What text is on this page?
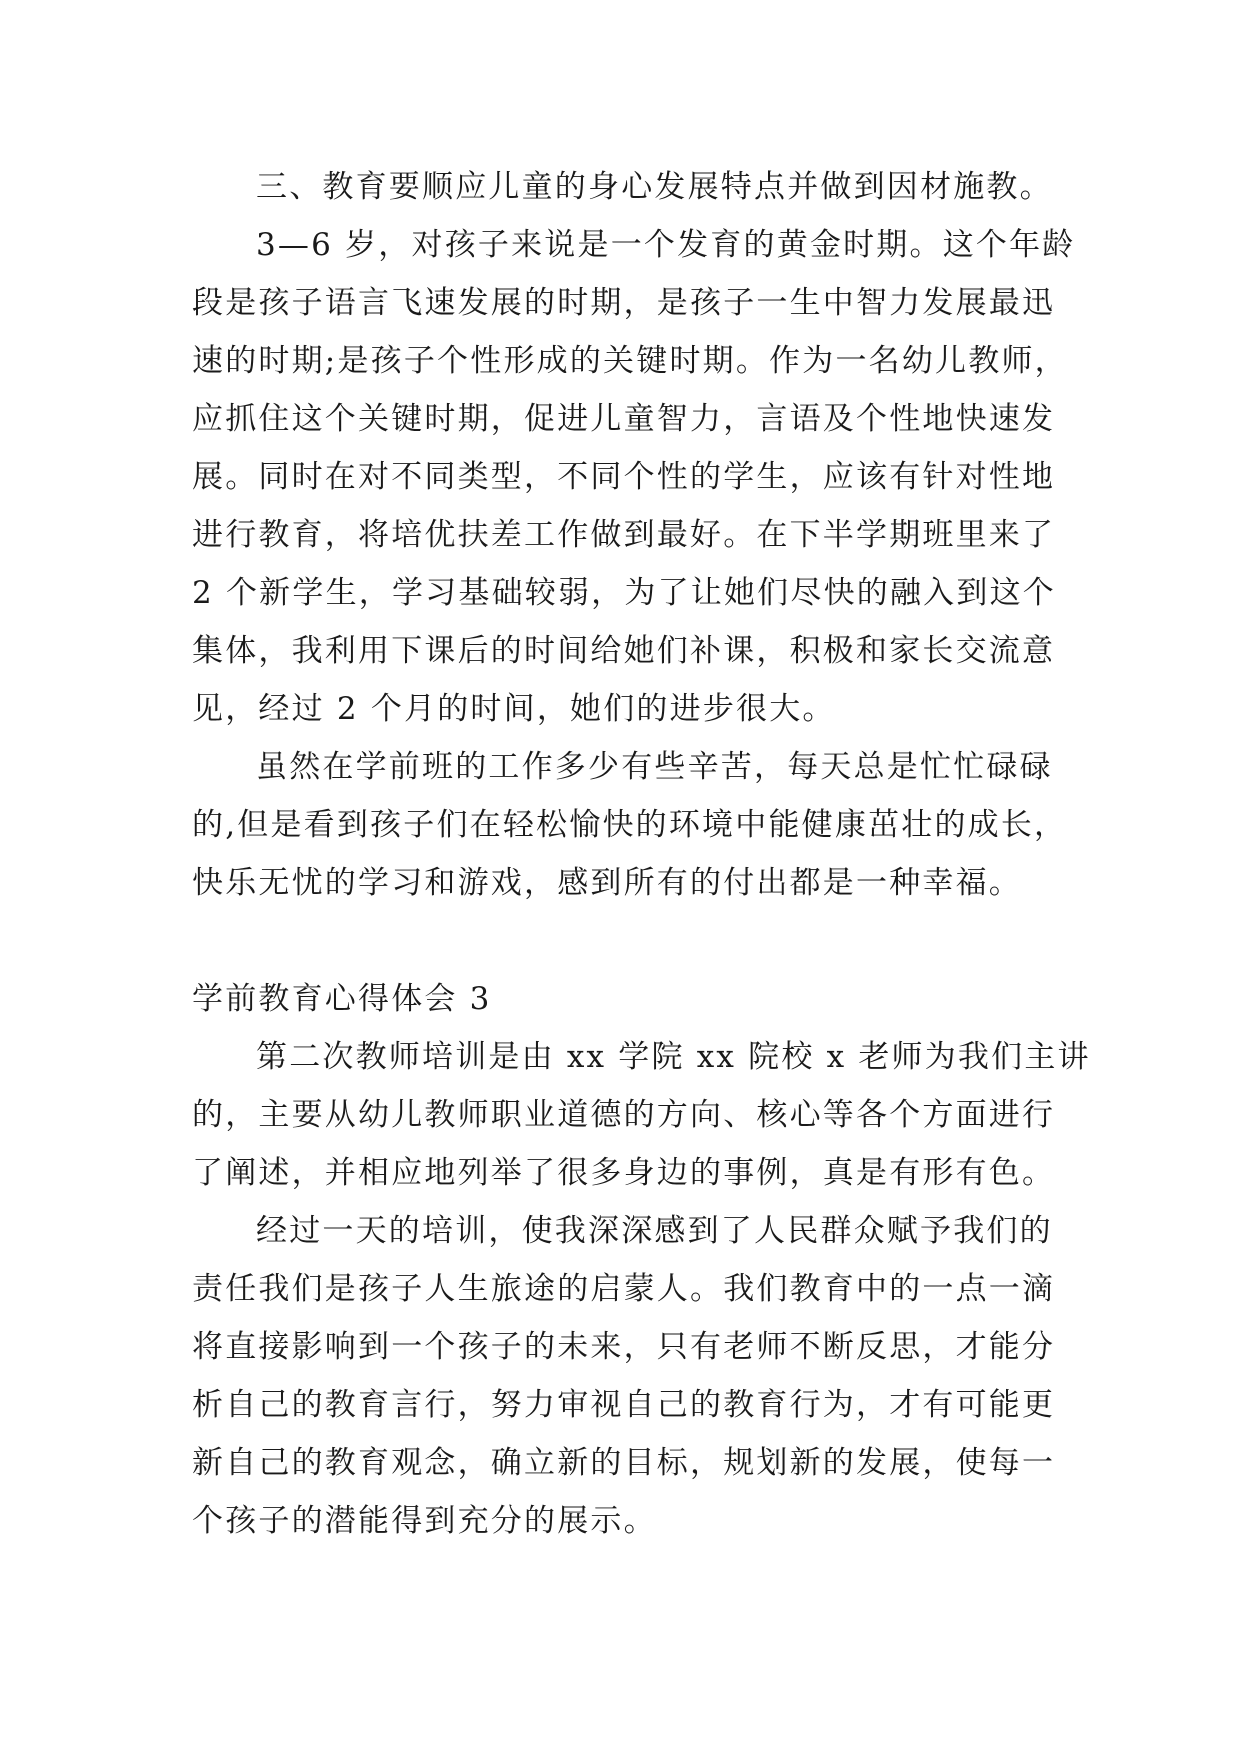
三、教育要顺应儿童的身心发展特点并做到因材施教。
3—6 岁，对孩子来说是一个发育的黄金时期。这个年龄
段是孩子语言飞速发展的时期，是孩子一生中智力发展最迅
速的时期;是孩子个性形成的关键时期。作为一名幼儿教师，
应抓住这个关键时期，促进儿童智力，言语及个性地快速发
展。同时在对不同类型，不同个性的学生，应该有针对性地
进行教育，将培优扶差工作做到最好。在下半学期班里来了
2 个新学生，学习基础较弱，为了让她们尽快的融入到这个
集体，我利用下课后的时间给她们补课，积极和家长交流意
见，经过 2 个月的时间，她们的进步很大。
虽然在学前班的工作多少有些辛苦，每天总是忙忙碌碌
的,但是看到孩子们在轻松愉快的环境中能健康茁壮的成长，
快乐无忧的学习和游戏，感到所有的付出都是一种幸福。
学前教育心得体会 3
第二次教师培训是由 xx 学院 xx 院校 x 老师为我们主讲
的，主要从幼儿教师职业道德的方向、核心等各个方面进行
了阐述，并相应地列举了很多身边的事例，真是有形有色。
经过一天的培训，使我深深感到了人民群众赋予我们的
责任我们是孩子人生旅途的启蒙人。我们教育中的一点一滴
将直接影响到一个孩子的未来，只有老师不断反思，才能分
析自己的教育言行，努力审视自己的教育行为，才有可能更
新自己的教育观念，确立新的目标，规划新的发展，使每一
个孩子的潜能得到充分的展示。
